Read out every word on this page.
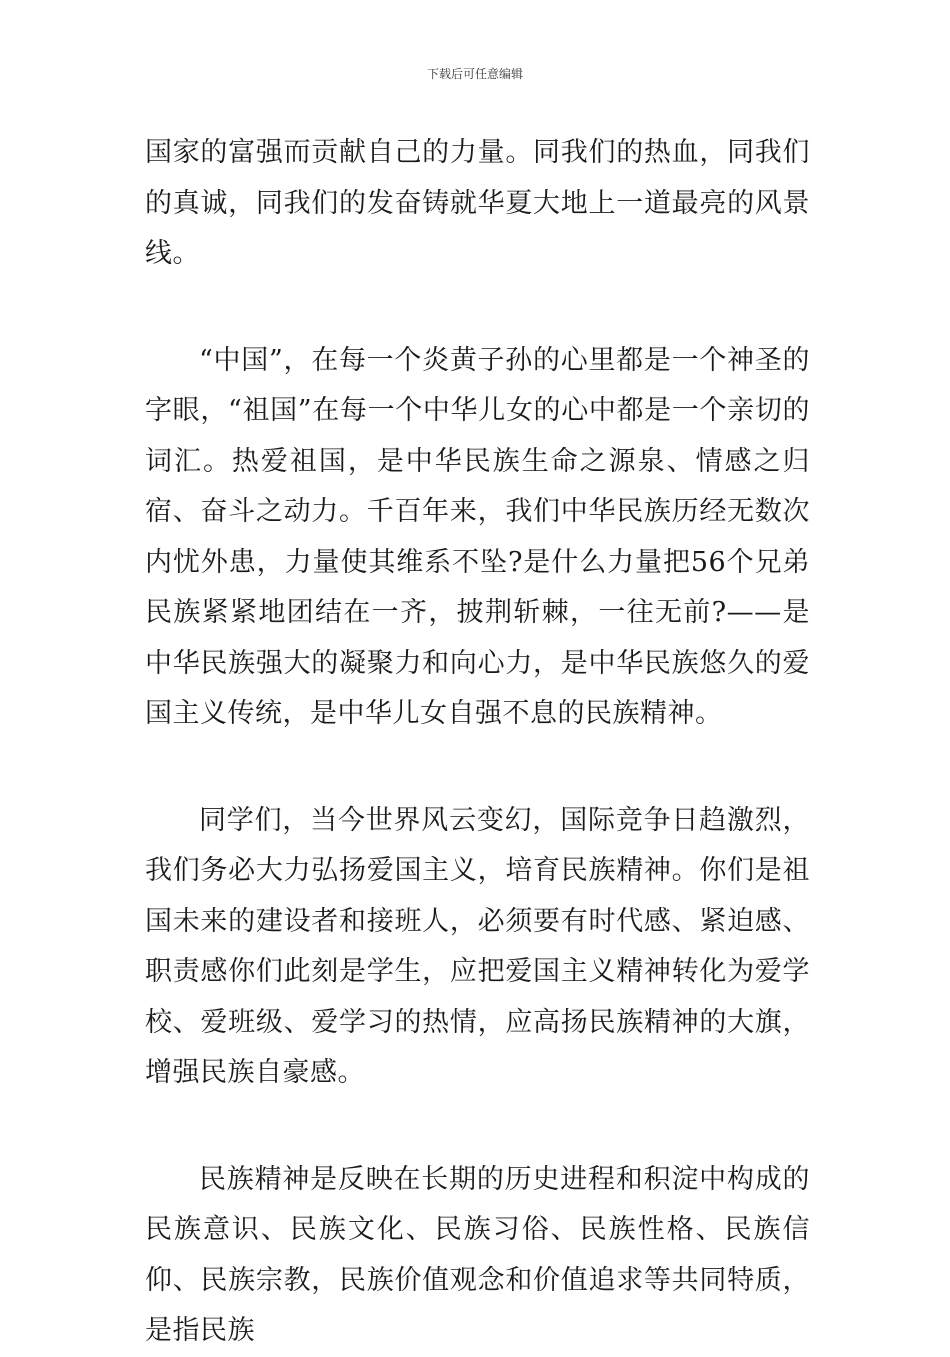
下载后可任意编辑

国家的富强而贡献自己的力量。同我们的热血，同我们的真诚，同我们的发奋铸就华夏大地上一道最亮的风景线。

“中国”，在每一个炎黄子孙的心里都是一个神圣的字眼，“祖国”在每一个中华儿女的心中都是一个亲切的词汇。热爱祖国，是中华民族生命之源泉、情感之归宿、奋斗之动力。千百年来，我们中华民族历经无数次内忧外患，力量使其维系不坠?是什么力量把56个兄弟民族紧紧地团结在一齐，披荆斩棘，一往无前?——是中华民族强大的凝聚力和向心力，是中华民族悠久的爱国主义传统，是中华儿女自强不息的民族精神。

同学们，当今世界风云变幻，国际竞争日趋激烈，我们务必大力弘扬爱国主义，培育民族精神。你们是祖国未来的建设者和接班人，必须要有时代感、紧迫感、职责感你们此刻是学生，应把爱国主义精神转化为爱学校、爱班级、爱学习的热情，应高扬民族精神的大旗，增强民族自豪感。

民族精神是反映在长期的历史进程和积淀中构成的民族意识、民族文化、民族习俗、民族性格、民族信仰、民族宗教，民族价值观念和价值追求等共同特质，是指民族
